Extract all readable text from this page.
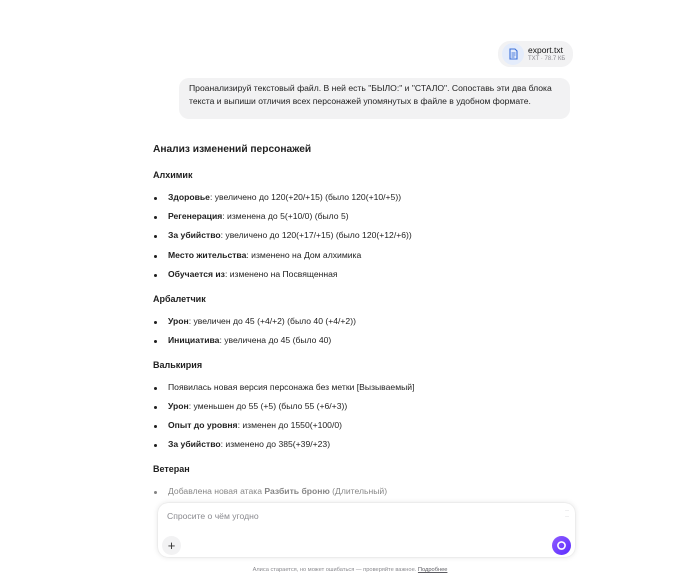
export.txt
TXT · 78.7 КБ
Проанализируй текстовый файл. В ней есть "БЫЛО:" и "СТАЛО". Сопоставь эти два блока текста и выпиши отличия всех персонажей упомянутых в файле в удобном формате.
Анализ изменений персонажей
Алхимик
Здоровье: увеличено до 120(+20/+15) (было 120(+10/+5))
Регенерация: изменена до 5(+10/0) (было 5)
За убийство: увеличено до 120(+17/+15) (было 120(+12/+6))
Место жительства: изменено на Дом алхимика
Обучается из: изменено на Посвященная
Арбалетчик
Урон: увеличен до 45 (+4/+2) (было 40 (+4/+2))
Инициатива: увеличена до 45 (было 40)
Валькирия
Появилась новая версия персонажа без метки [Вызываемый]
Урон: уменьшен до 55 (+5) (было 55 (+6/+3))
Опыт до уровня: изменен до 1550(+100/0)
За убийство: изменено до 385(+39/+23)
Ветеран
Добавлена новая атака Разбить броню (Длительный)
Спросите о чём угодно
‥
‥
+
Алиса старается, но может ошибаться — проверяйте важное. Подробнее
